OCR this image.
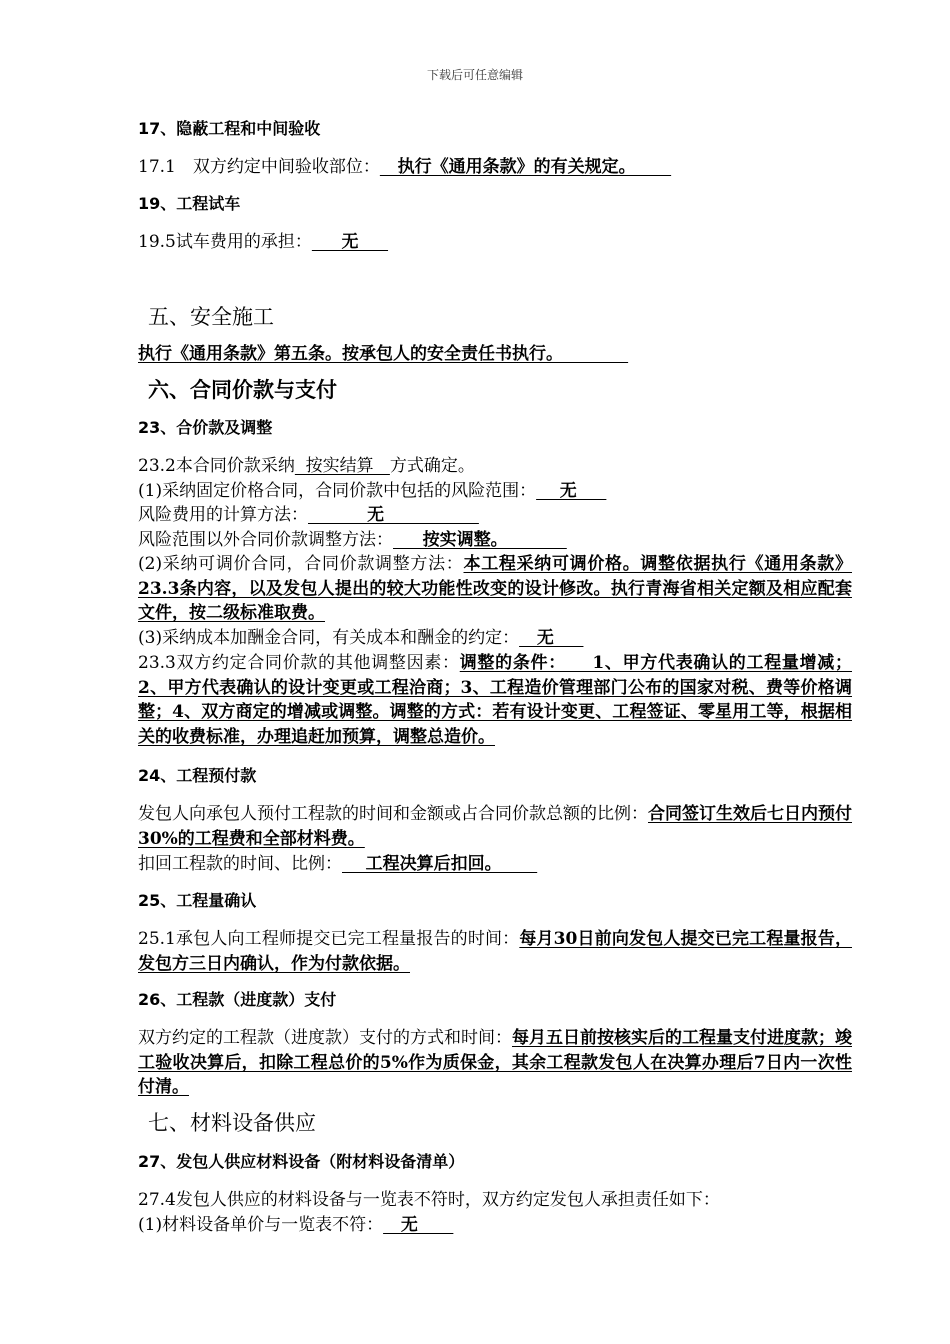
下载后可任意编辑
17、隐蔽工程和中间验收
17.1　双方约定中间验收部位：   执行《通用条款》的有关规定。
19、工程试车
19.5试车费用的承担：     无
五、安全施工
执行《通用条款》第五条。按承包人的安全责任书执行。
六、合同价款与支付
23、合价款及调整
23.2本合同价款采纳  按实结算   方式确定。
(1)采纳固定价格合同，合同价款中包括的风险范围：    无
风险费用的计算方法：          无
风险范围以外合同价款调整方法：     按实调整。
(2)采纳可调价合同，合同价款调整方法：本工程采纳可调价格。调整依据执行《通用条款》23.3条内容，以及发包人提出的较大功能性改变的设计修改。执行青海省相关定额及相应配套文件，按二级标准取费。
(3)采纳成本加酬金合同，有关成本和酬金的约定：   无
23.3双方约定合同价款的其他调整因素：调整的条件：    1、甲方代表确认的工程量增减；2、甲方代表确认的设计变更或工程洽商；3、工程造价管理部门公布的国家对税、费等价格调整；4、双方商定的增减或调整。调整的方式：若有设计变更、工程签证、零星用工等，根据相关的收费标准，办理追赶加预算，调整总造价。
24、工程预付款
发包人向承包人预付工程款的时间和金额或占合同价款总额的比例：合同签订生效后七日内预付30%的工程费和全部材料费。
扣回工程款的时间、比例：    工程决算后扣回。
25、工程量确认
25.1承包人向工程师提交已完工程量报告的时间：每月30日前向发包人提交已完工程量报告，发包方三日内确认，作为付款依据。
26、工程款（进度款）支付
双方约定的工程款（进度款）支付的方式和时间：每月五日前按核实后的工程量支付进度款；竣工验收决算后，扣除工程总价的5%作为质保金，其余工程款发包人在决算办理后7日内一次性付清。
七、材料设备供应
27、发包人供应材料设备（附材料设备清单）
27.4发包人供应的材料设备与一览表不符时，双方约定发包人承担责任如下：
(1)材料设备单价与一览表不符：   无
